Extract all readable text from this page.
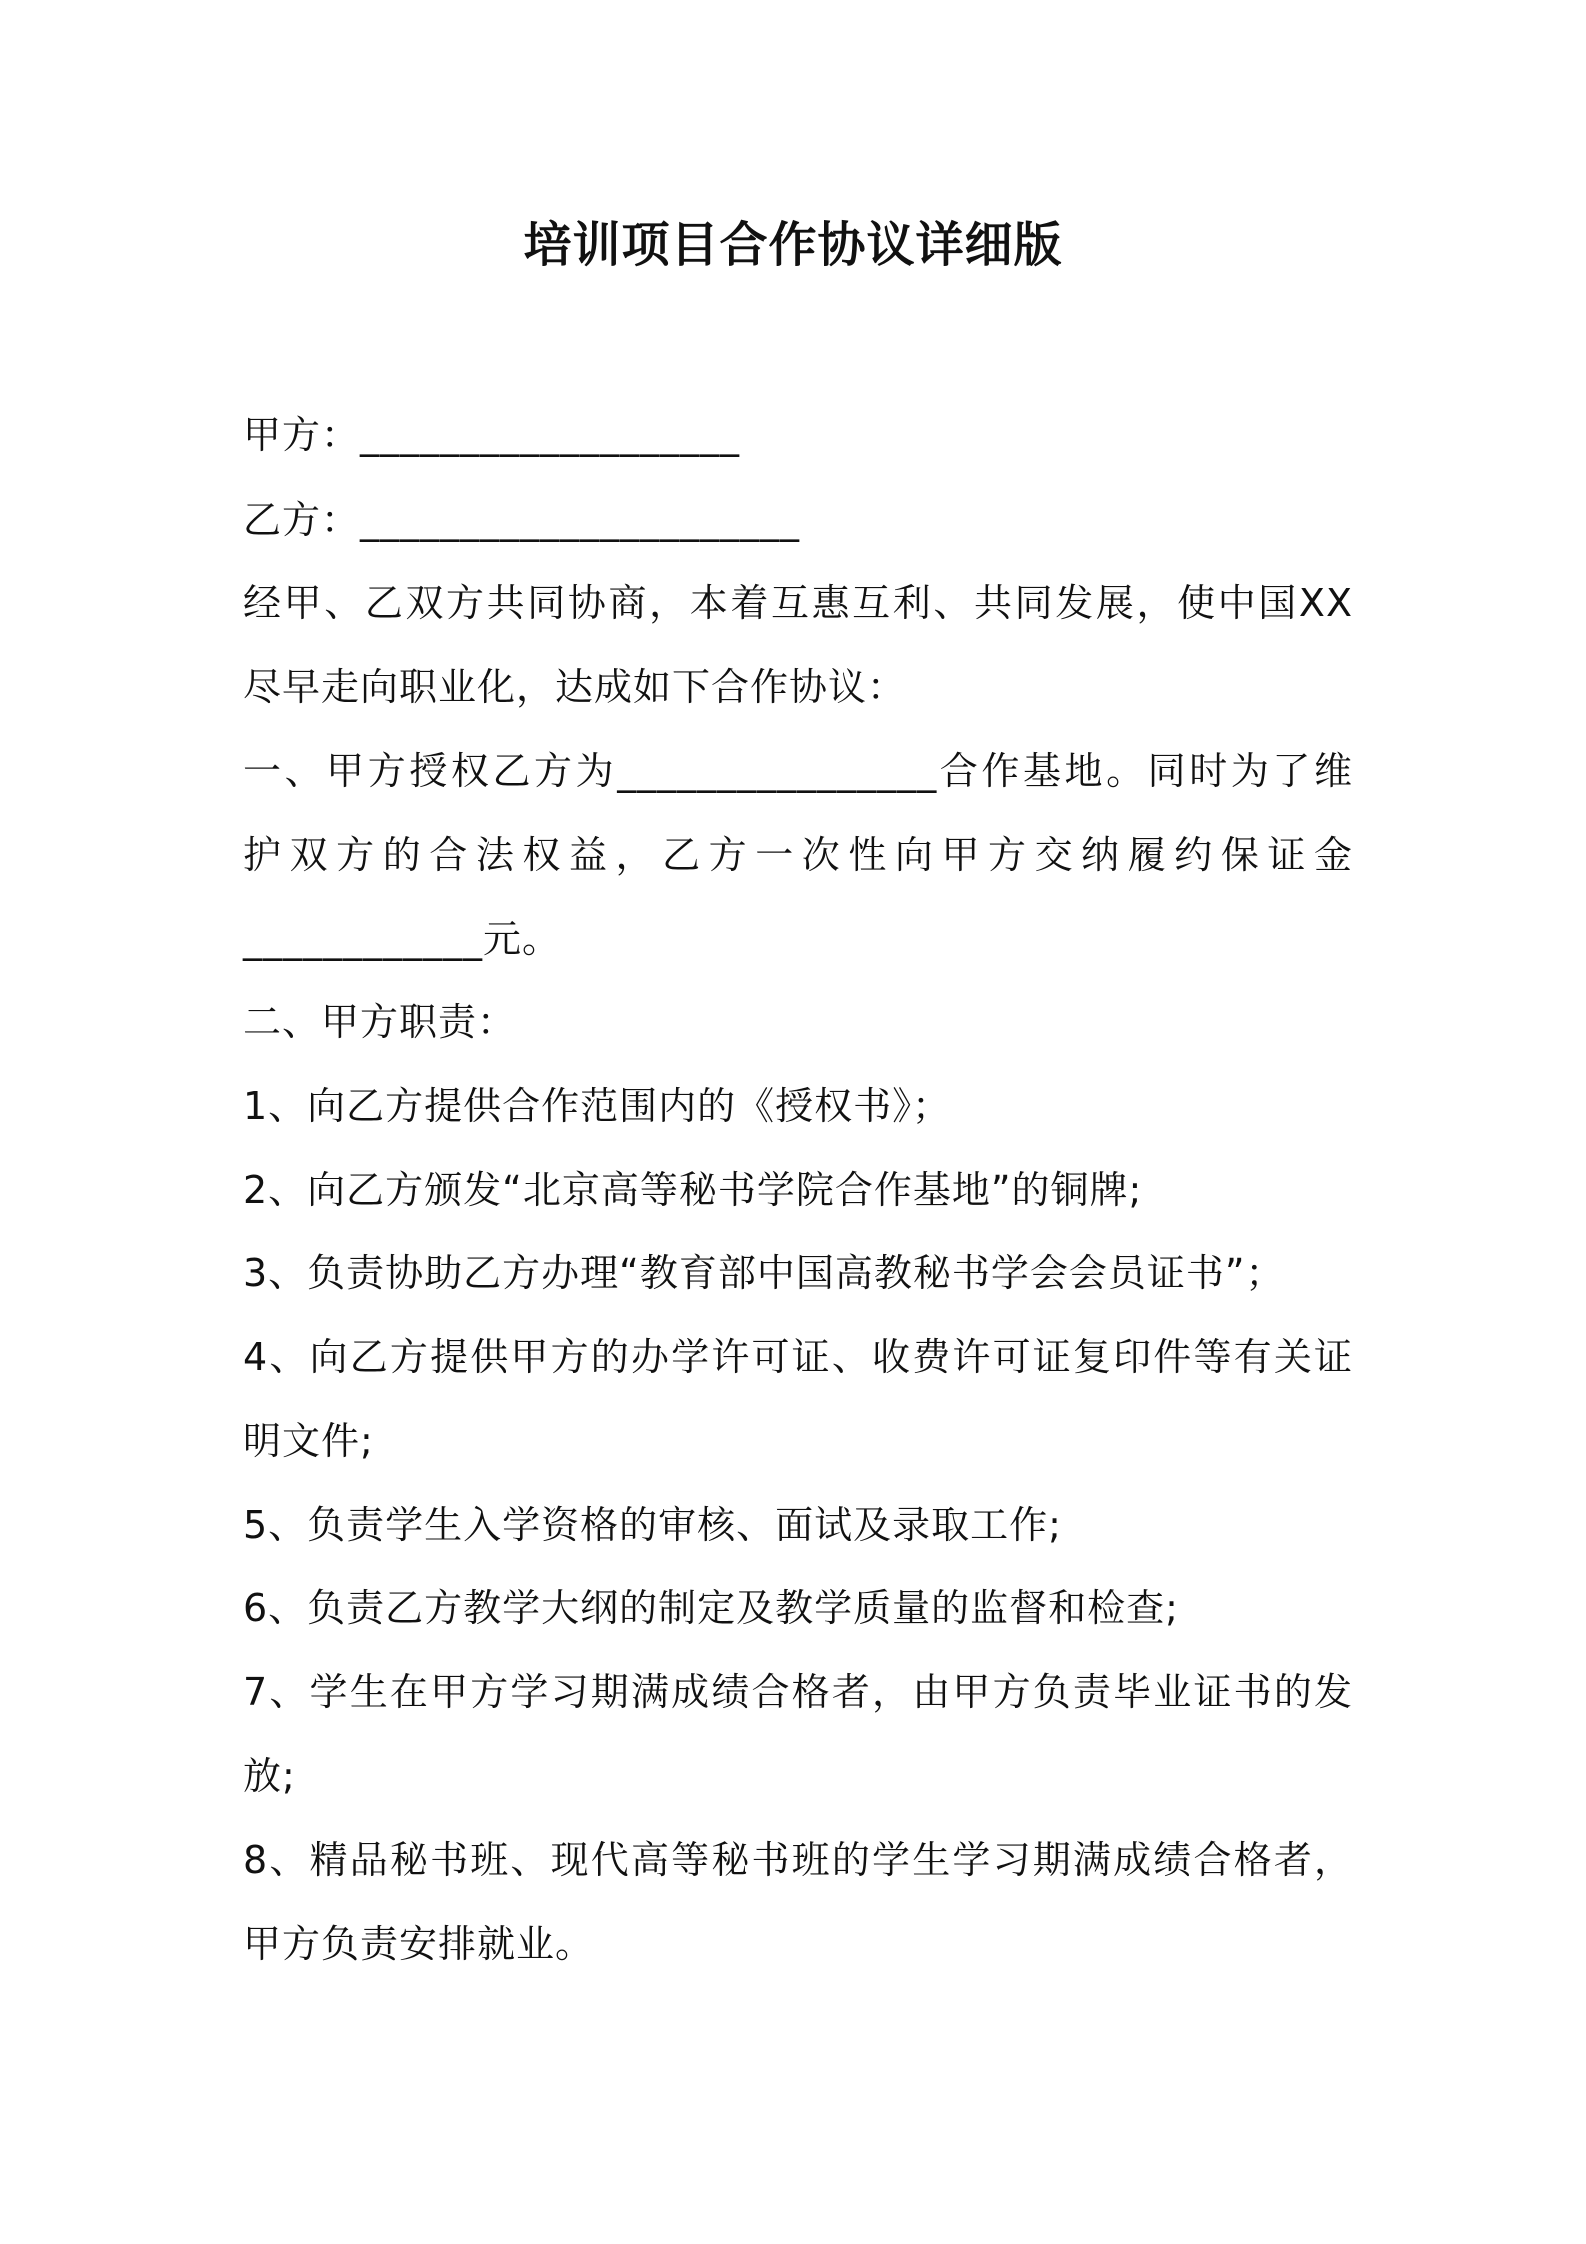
培训项目合作协议详细版
甲方：___________________
乙方：______________________
经甲、乙双方共同协商，本着互惠互利、共同发展，使中国XX
尽早走向职业化，达成如下合作协议：
一、甲方授权乙方为________________合作基地。同时为了维
护双方的合法权益，乙方一次性向甲方交纳履约保证金
____________元。
二、甲方职责：
1、向乙方提供合作范围内的《授权书》；
2、向乙方颁发“北京高等秘书学院合作基地”的铜牌;
3、负责协助乙方办理“教育部中国高教秘书学会会员证书”；
4、向乙方提供甲方的办学许可证、收费许可证复印件等有关证
明文件;
5、负责学生入学资格的审核、面试及录取工作;
6、负责乙方教学大纲的制定及教学质量的监督和检查;
7、学生在甲方学习期满成绩合格者，由甲方负责毕业证书的发
放;
8、精品秘书班、现代高等秘书班的学生学习期满成绩合格者，
甲方负责安排就业。
